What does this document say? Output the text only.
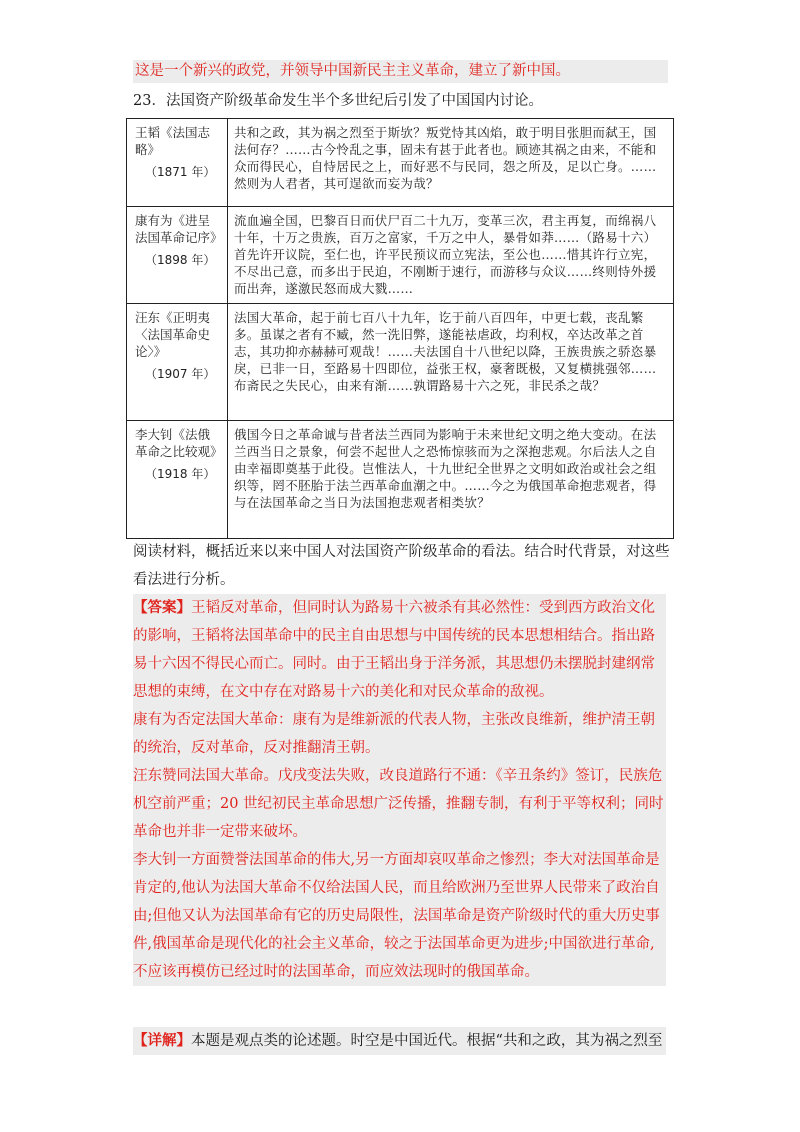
这是一个新兴的政党，并领导中国新民主主义革命，建立了新中国。
23．法国资产阶级革命发生半个多世纪后引发了中国国内讨论。
王韬《法国志略》
（1871 年）	共和之政，其为祸之烈至于斯欤？叛党恃其凶焰，敢于明目张胆而弑王，国法何存？……古今怜乱之事，固未有甚于此者也。顾迹其祸之由来，不能和众而得民心，自恃居民之上，而好恶不与民同，怨之所及，足以亡身。……然则为人君者，其可逞欲而妄为哉？

康有为《进呈法国革命记序》
（1898 年）	流血遍全国，巴黎百日而伏尸百二十九万，变革三次，君主再复，而绵祸八十年，十万之贵族，百万之富家，千万之中人，暴骨如莽……（路易十六）首先许开议院，至仁也，许平民预议而立宪法，至公也……惜其许行立宪，不尽出己意，而多出于民迫，不刚断于速行，而游移与众议……终则恃外援而出奔，遂激民怒而成大戮……

汪东《正明夷〈法国革命史论〉》
（1907 年）	法国大革命，起于前七百八十九年，讫于前八百四年，中更七载，丧乱繁多。虽谋之者有不臧，然一洗旧弊，遂能袪虐政，均利权，卒达改革之首志，其功抑亦赫赫可观哉！……夫法国自十八世纪以降，王族贵族之骄恣暴戾，已非一日，至路易十四即位，益张王权，豪奢既极，又复横挑强邻……布斋民之失民心，由来有渐……孰谓路易十六之死，非民杀之哉？

李大钊《法俄革命之比较观》
（1918 年）	俄国今日之革命诚与昔者法兰西同为影响于未来世纪文明之绝大变动。在法兰西当日之景象，何尝不起世人之恐怖惊骇而为之深抱悲观。尔后法人之自由幸福即奠基于此役。岂惟法人，十九世纪全世界之文明如政治或社会之组织等，罔不胚胎于法兰西革命血潮之中。……今之为俄国革命抱悲观者，得与在法国革命之当日为法国抱悲观者相类欤？
阅读材料，概括近来以来中国人对法国资产阶级革命的看法。结合时代背景，对这些看法进行分析。

【答案】王韬反对革命，但同时认为路易十六被杀有其必然性：受到西方政治文化的影响，王韬将法国革命中的民主自由思想与中国传统的民本思想相结合。指出路易十六因不得民心而亡。同时。由于王韬出身于洋务派，其思想仍未摆脱封建纲常思想的束缚，在文中存在对路易十六的美化和对民众革命的敌视。

康有为否定法国大革命：康有为是维新派的代表人物，主张改良维新，维护清王朝的统治，反对革命，反对推翻清王朝。

汪东赞同法国大革命。戊戌变法失败，改良道路行不通：《辛丑条约》签订，民族危机空前严重；20 世纪初民主革命思想广泛传播，推翻专制，有利于平等权利；同时革命也并非一定带来破坏。

李大钊一方面赞誉法国革命的伟大,另一方面却哀叹革命之惨烈；李大对法国革命是肯定的,他认为法国大革命不仅给法国人民，而且给欧洲乃至世界人民带来了政治自由;但他又认为法国革命有它的历史局限性，法国革命是资产阶级时代的重大历史事件,俄国革命是现代化的社会主义革命，较之于法国革命更为进步;中国欲进行革命,不应该再模仿已经过时的法国革命，而应效法现时的俄国革命。

【详解】本题是观点类的论述题。时空是中国近代。根据“共和之政，其为祸之烈至
